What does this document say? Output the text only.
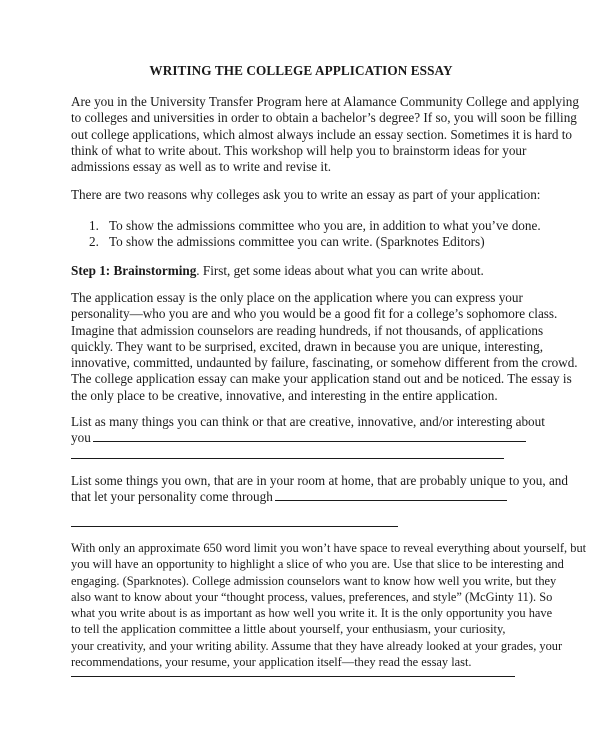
WRITING THE COLLEGE APPLICATION ESSAY
Are you in the University Transfer Program here at Alamance Community College and applying
to colleges and universities in order to obtain a bachelor’s degree? If so, you will soon be filling
out college applications, which almost always include an essay section. Sometimes it is hard to
think of what to write about. This workshop will help you to brainstorm ideas for your
admissions essay as well as to write and revise it.
There are two reasons why colleges ask you to write an essay as part of your application:
1. To show the admissions committee who you are, in addition to what you’ve done.
2. To show the admissions committee you can write. (Sparknotes Editors)
Step 1: Brainstorming. First, get some ideas about what you can write about.
The application essay is the only place on the application where you can express your
personality—who you are and who you would be a good fit for a college’s sophomore class.
Imagine that admission counselors are reading hundreds, if not thousands, of applications
quickly. They want to be surprised, excited, drawn in because you are unique, interesting,
innovative, committed, undaunted by failure, fascinating, or somehow different from the crowd.
The college application essay can make your application stand out and be noticed. The essay is
the only place to be creative, innovative, and interesting in the entire application.
List as many things you can think or that are creative, innovative, and/or interesting about
you
List some things you own, that are in your room at home, that are probably unique to you, and
that let your personality come through
With only an approximate 650 word limit you won’t have space to reveal everything about yourself, but
you will have an opportunity to highlight a slice of who you are. Use that slice to be interesting and
engaging. (Sparknotes). College admission counselors want to know how well you write, but they
also want to know about your “thought process, values, preferences, and style” (McGinty 11). So
what you write about is as important as how well you write it. It is the only opportunity you have
to tell the application committee a little about yourself, your enthusiasm, your curiosity,
your creativity, and your writing ability. Assume that they have already looked at your grades, your
recommendations, your resume, your application itself—they read the essay last.
